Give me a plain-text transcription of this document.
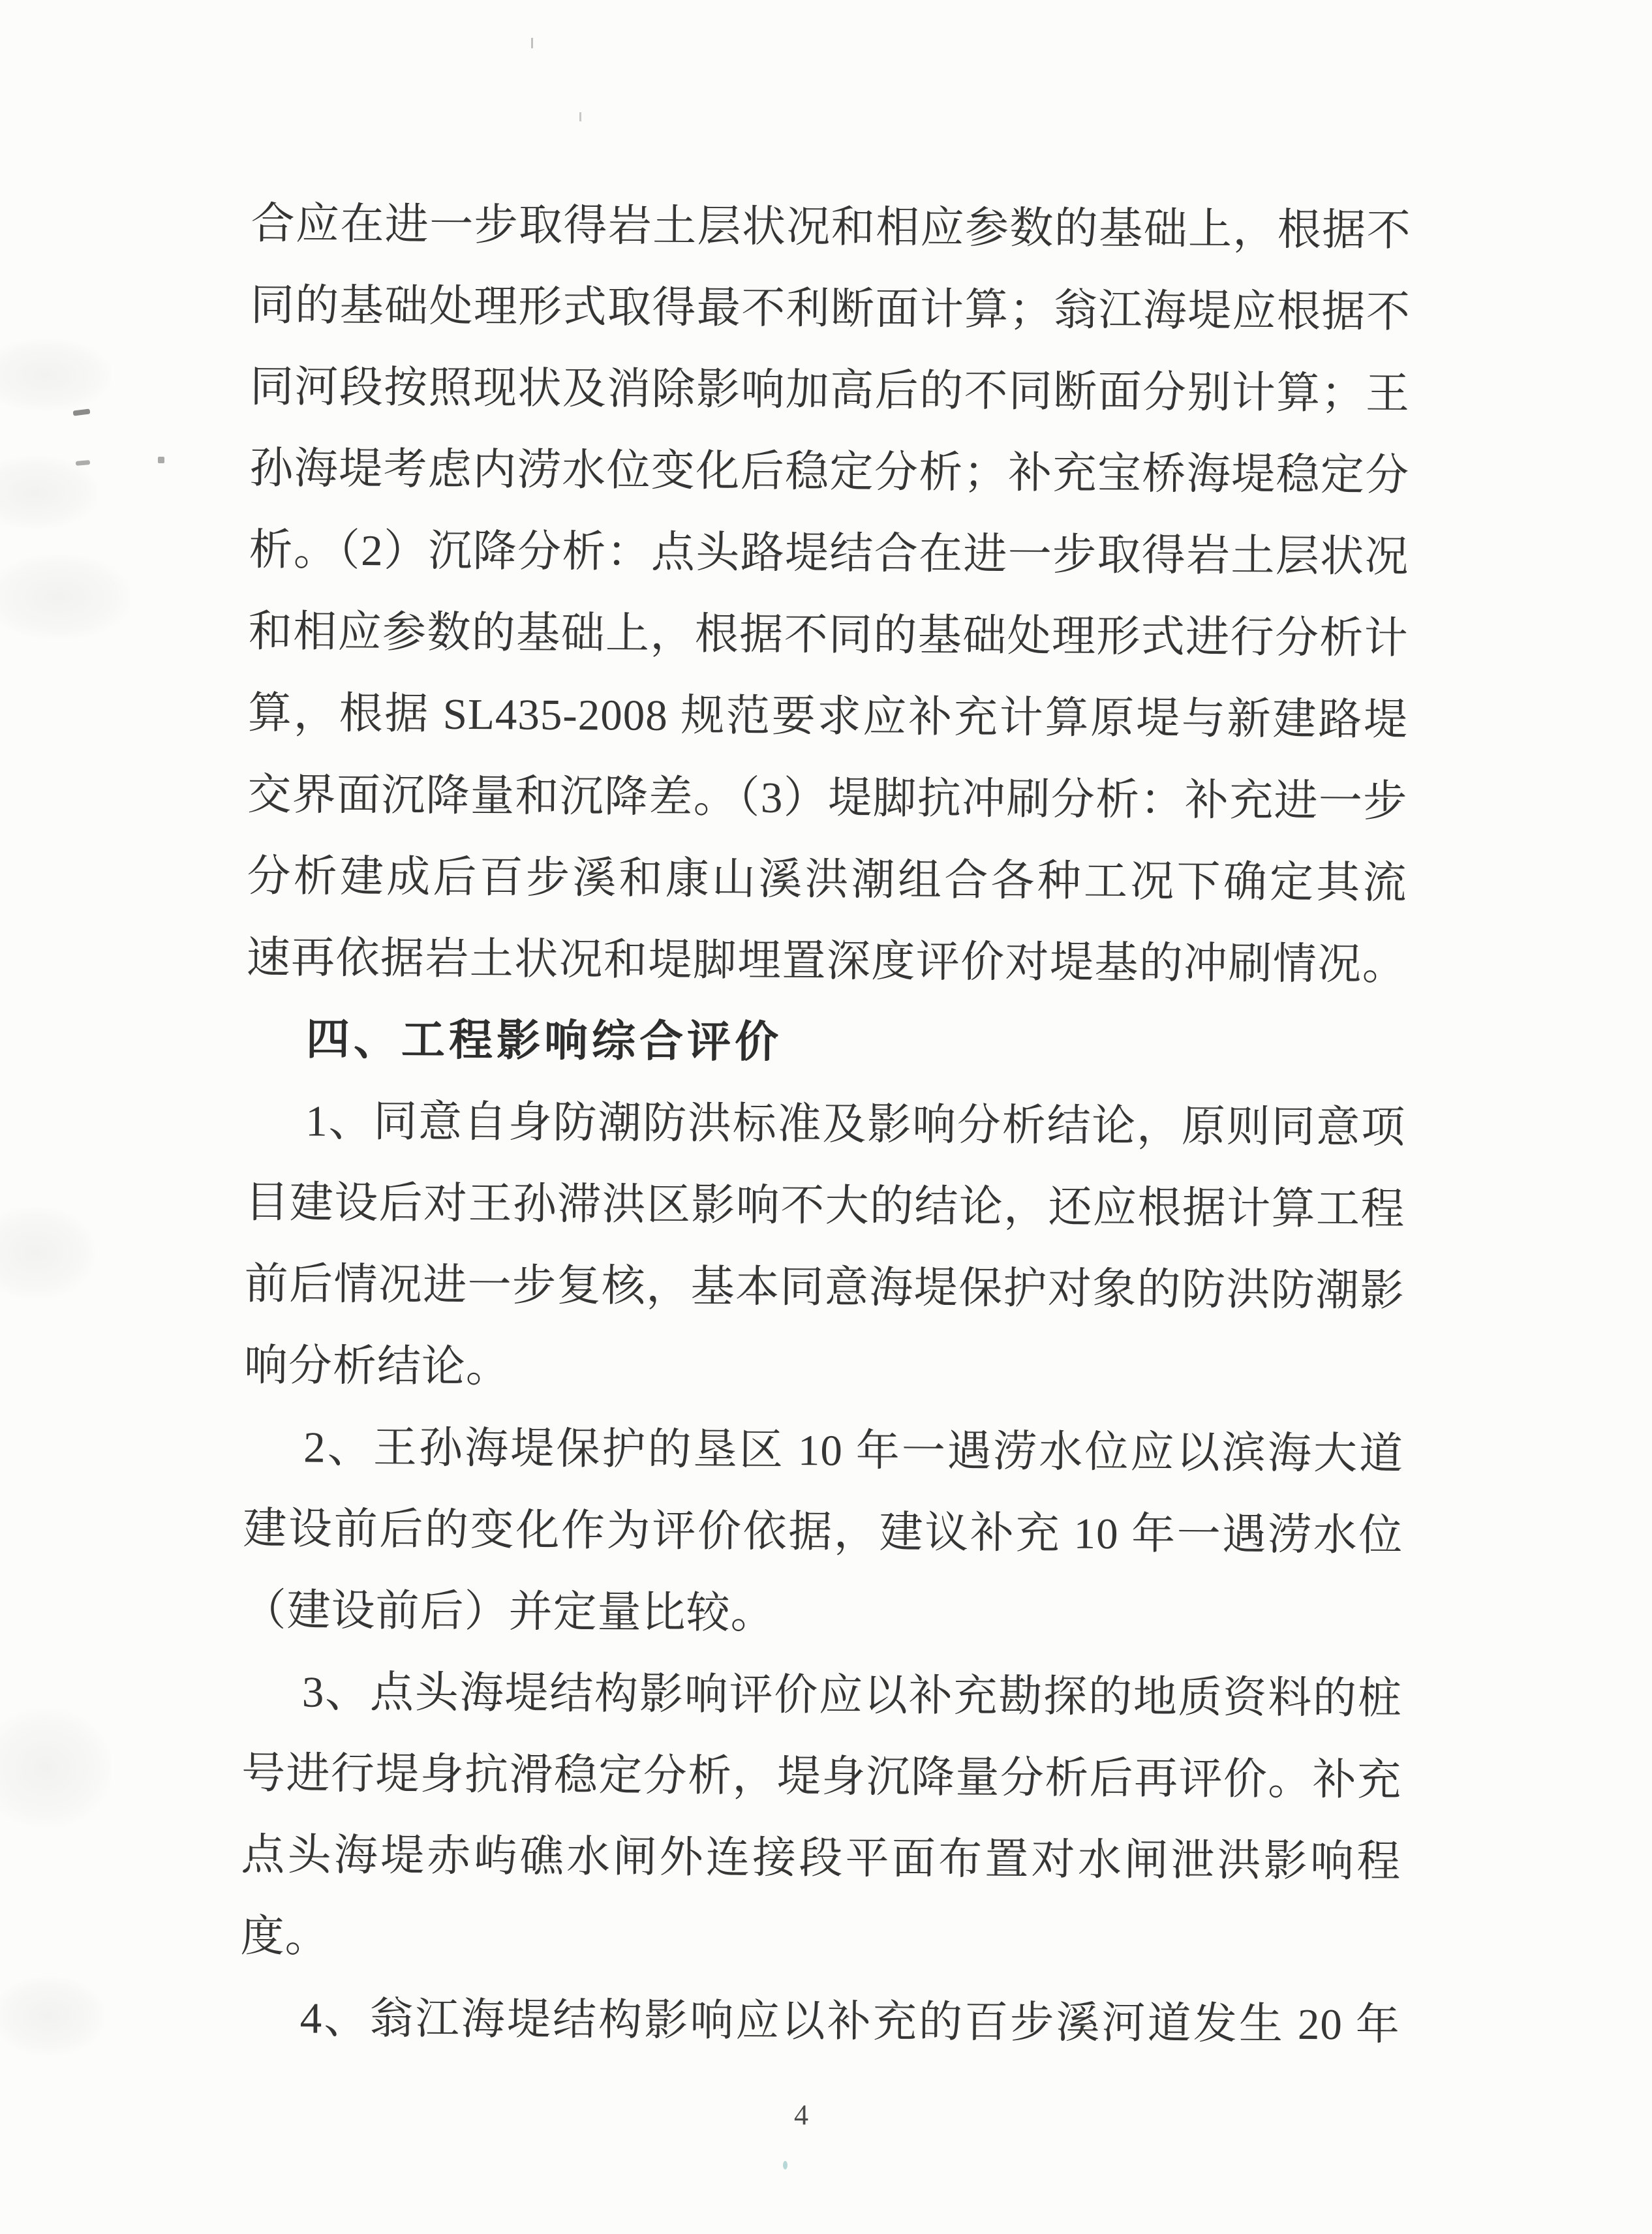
合应在进一步取得岩土层状况和相应参数的基础上，根据不
同的基础处理形式取得最不利断面计算；翁江海堤应根据不
同河段按照现状及消除影响加高后的不同断面分别计算；王
孙海堤考虑内涝水位变化后稳定分析；补充宝桥海堤稳定分
析。（2）沉降分析：点头路堤结合在进一步取得岩土层状况
和相应参数的基础上，根据不同的基础处理形式进行分析计
算，根据 SL435-2008 规范要求应补充计算原堤与新建路堤
交界面沉降量和沉降差。（3）堤脚抗冲刷分析：补充进一步
分析建成后百步溪和康山溪洪潮组合各种工况下确定其流
速再依据岩土状况和堤脚埋置深度评价对堤基的冲刷情况。
四、工程影响综合评价
1、同意自身防潮防洪标准及影响分析结论，原则同意项
目建设后对王孙滞洪区影响不大的结论，还应根据计算工程
前后情况进一步复核，基本同意海堤保护对象的防洪防潮影
响分析结论。
2、王孙海堤保护的垦区 10 年一遇涝水位应以滨海大道
建设前后的变化作为评价依据，建议补充 10 年一遇涝水位
（建设前后）并定量比较。
3、点头海堤结构影响评价应以补充勘探的地质资料的桩
号进行堤身抗滑稳定分析，堤身沉降量分析后再评价。补充
点头海堤赤屿礁水闸外连接段平面布置对水闸泄洪影响程
度。
4、翁江海堤结构影响应以补充的百步溪河道发生 20 年
4
